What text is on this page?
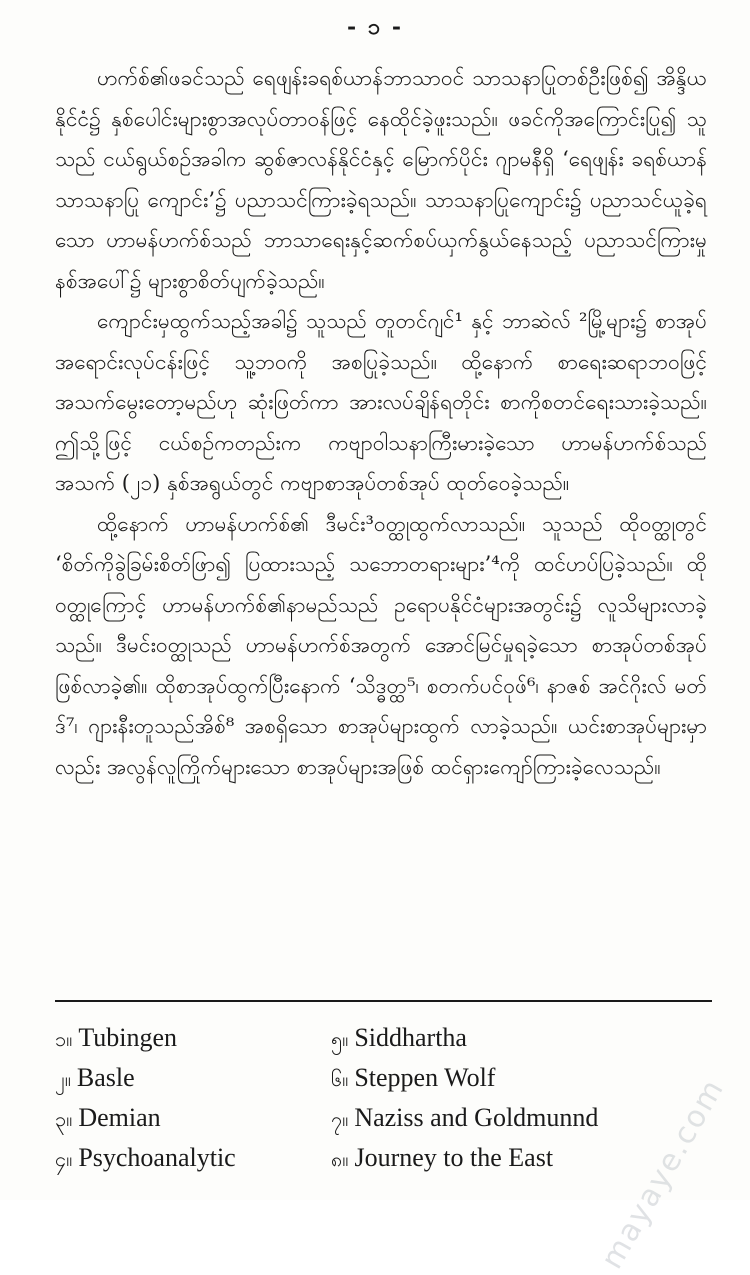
- ၁ -

ဟက်စ်၏ဖခင်သည် ရေဖျန်းခရစ်ယာန်ဘာသာဝင် သာသနာပြုတစ်ဦးဖြစ်၍ အိန္ဒိယနိုင်ငံ၌ နှစ်ပေါင်းများစွာအလုပ်တာဝန်ဖြင့် နေထိုင်ခဲ့ဖူးသည်။ ဖခင်ကိုအကြောင်းပြု၍ သူသည် ငယ်ရွယ်စဉ်အခါက ဆွစ်ဇာလန်နိုင်ငံနှင့် မြောက်ပိုင်း ဂျာမနီရှိ ‘ရေဖျန်း ခရစ်ယာန်သာသနာပြု ကျောင်း’၌ ပညာသင်ကြားခဲ့ရသည်။ သာသနာပြုကျောင်း၌ ပညာသင်ယူခဲ့ရသော ဟာမန်ဟက်စ်သည် ဘာသာရေးနှင့်ဆက်စပ်ယှက်နွယ်နေသည့် ပညာသင်ကြားမှုနစ်အပေါ်၌ များစွာစိတ်ပျက်ခဲ့သည်။

ကျောင်းမှထွက်သည့်အခါ၌ သူသည် တူတင်ဂျင်¹ နှင့် ဘာဆဲလ် ²မြို့များ၌ စာအုပ်အရောင်းလုပ်ငန်းဖြင့် သူ့ဘဝကို အစပြုခဲ့သည်။ ထို့နောက် စာရေးဆရာဘဝဖြင့် အသက်မွေးတော့မည်ဟု ဆုံးဖြတ်ကာ အားလပ်ချိန်ရတိုင်း စာကိုစတင်ရေးသားခဲ့သည်။ ဤသို့ဖြင့် ငယ်စဉ်ကတည်းက ကဗျာဝါသနာကြီးမားခဲ့သော ဟာမန်ဟက်စ်သည် အသက် (၂၁) နှစ်အရွယ်တွင် ကဗျာစာအုပ်တစ်အုပ် ထုတ်ဝေခဲ့သည်။

ထို့နောက် ဟာမန်ဟက်စ်၏ ဒီမင်း³ဝတ္ထုထွက်လာသည်။ သူသည် ထိုဝတ္ထုတွင် ‘စိတ်ကိုခွဲခြမ်းစိတ်ဖြာ၍ ပြထားသည့် သဘောတရားများ’⁴ကို ထင်ဟပ်ပြခဲ့သည်။ ထိုဝတ္ထုကြောင့် ဟာမန်ဟက်စ်၏နာမည်သည် ဥရောပနိုင်ငံများအတွင်း၌ လူသိများလာခဲ့သည်။ ဒီမင်းဝတ္ထုသည် ဟာမန်ဟက်စ်အတွက် အောင်မြင်မှုရခဲ့သော စာအုပ်တစ်အုပ်ဖြစ်လာခဲ့၏။ ထိုစာအုပ်ထွက်ပြီးနောက် ‘သိဒ္ဓတ္ထ⁵၊ စတက်ပင်ဝုဖ်⁶၊ နာဇစ် အင်ဂိုးလ် မတ်ဒ်⁷၊ ဂျားနီးတူသည်အိစ်⁸ အစရှိသော စာအုပ်များထွက် လာခဲ့သည်။ ယင်းစာအုပ်များမှာလည်း အလွန်လူကြိုက်များသော စာအုပ်များအဖြစ် ထင်ရှားကျော်ကြားခဲ့လေသည်။

၁။ Tubingen
၂။ Basle
၃။ Demian
၄။ Psychoanalytic
၅။ Siddhartha
၆။ Steppen Wolf
၇။ Naziss and Goldmunnd
၈။ Journey to the East	mayaye.com
